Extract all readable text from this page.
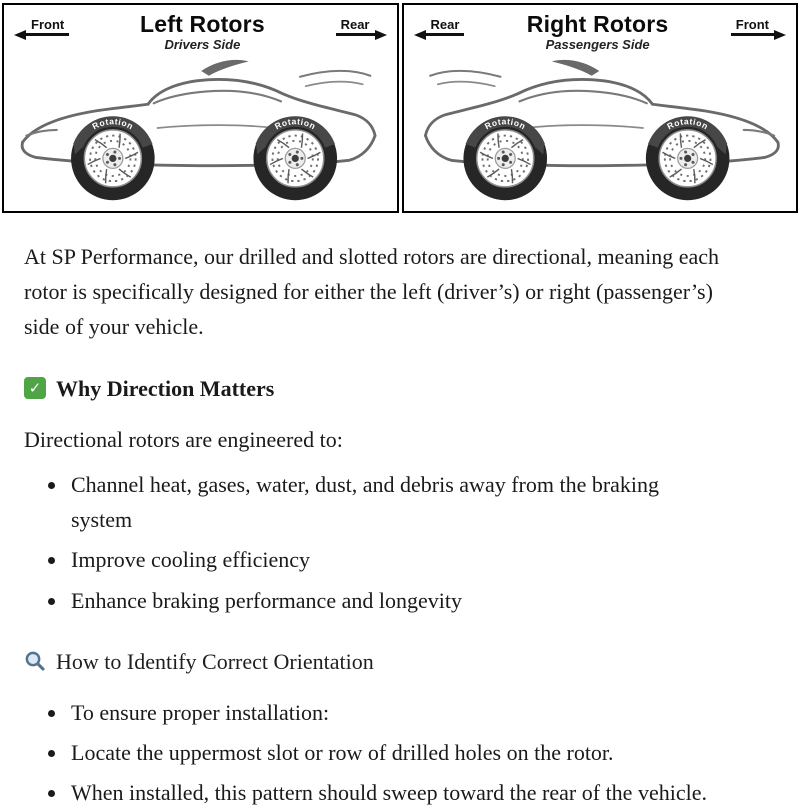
Front	Left Rotors
Drivers Side
Rear
Rotation	Rotation
Rear	Right Rotors
Passengers Side
Front
Rotation	Rotation

At SP Performance, our drilled and slotted rotors are directional, meaning each rotor is specifically designed for either the left (driver’s) or right (passenger’s) side of your vehicle.

✓
Why Direction Matters

Directional rotors are engineered to:

• Channel heat, gases, water, dust, and debris away from the braking system
• Improve cooling efficiency
• Enhance braking performance and longevity
How to Identify Correct Orientation
• To ensure proper installation:
• Locate the uppermost slot or row of drilled holes on the rotor.
• When installed, this pattern should sweep toward the rear of the vehicle.
